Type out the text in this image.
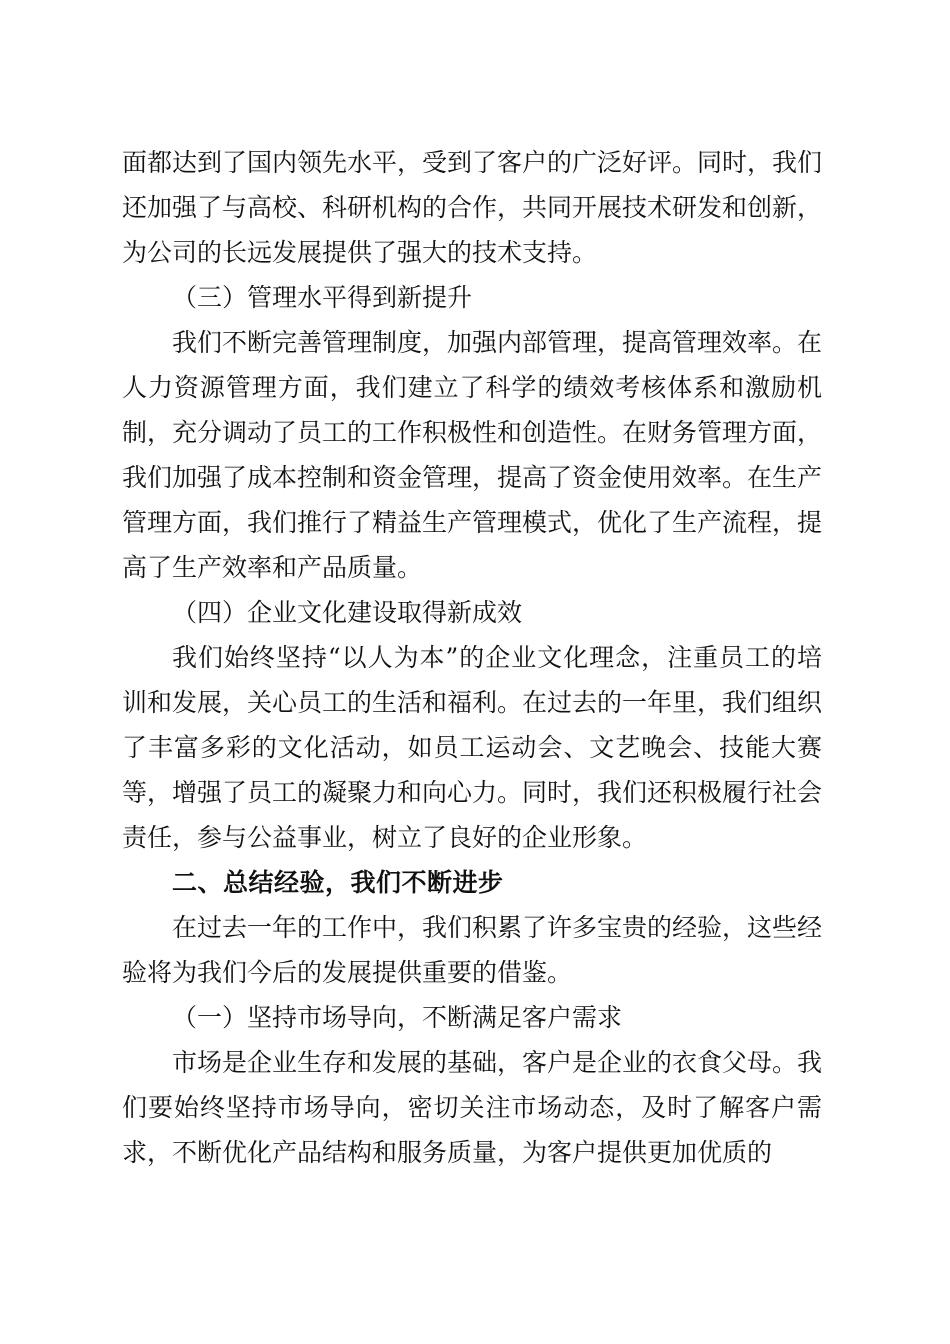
面都达到了国内领先水平，受到了客户的广泛好评。同时，我们还加强了与高校、科研机构的合作，共同开展技术研发和创新，为公司的长远发展提供了强大的技术支持。

（三）管理水平得到新提升

我们不断完善管理制度，加强内部管理，提高管理效率。在人力资源管理方面，我们建立了科学的绩效考核体系和激励机制，充分调动了员工的工作积极性和创造性。在财务管理方面，我们加强了成本控制和资金管理，提高了资金使用效率。在生产管理方面，我们推行了精益生产管理模式，优化了生产流程，提高了生产效率和产品质量。

（四）企业文化建设取得新成效

我们始终坚持“以人为本”的企业文化理念，注重员工的培训和发展，关心员工的生活和福利。在过去的一年里，我们组织了丰富多彩的文化活动，如员工运动会、文艺晚会、技能大赛等，增强了员工的凝聚力和向心力。同时，我们还积极履行社会责任，参与公益事业，树立了良好的企业形象。

二、总结经验，我们不断进步

在过去一年的工作中，我们积累了许多宝贵的经验，这些经验将为我们今后的发展提供重要的借鉴。

（一）坚持市场导向，不断满足客户需求

市场是企业生存和发展的基础，客户是企业的衣食父母。我们要始终坚持市场导向，密切关注市场动态，及时了解客户需求，不断优化产品结构和服务质量，为客户提供更加优质的
